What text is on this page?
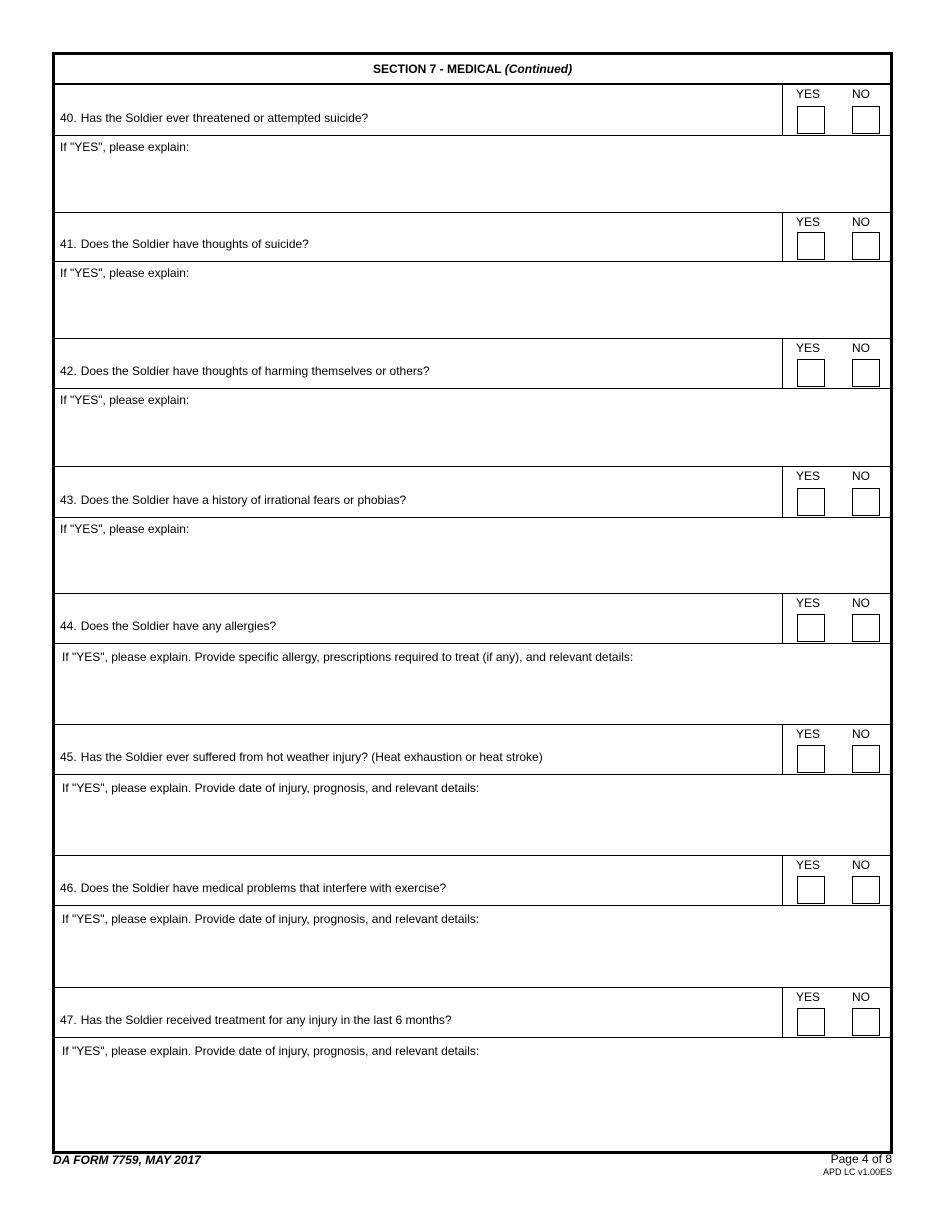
SECTION 7 - MEDICAL (Continued)
40. Has the Soldier ever threatened or attempted suicide?
YES	NO
If "YES", please explain:
41. Does the Soldier have thoughts of suicide?
YES	NO
If "YES", please explain:
42. Does the Soldier have thoughts of harming themselves or others?
YES	NO
If "YES", please explain:
43. Does the Soldier have a history of irrational fears or phobias?
YES	NO
If "YES", please explain:
44. Does the Soldier have any allergies?
YES	NO
If "YES", please explain. Provide specific allergy, prescriptions required to treat (if any), and relevant details:
45. Has the Soldier ever suffered from hot weather injury? (Heat exhaustion or heat stroke)
YES	NO
If "YES", please explain. Provide date of injury, prognosis, and relevant details:
46. Does the Soldier have medical problems that interfere with exercise?
YES	NO
If "YES", please explain. Provide date of injury, prognosis, and relevant details:
47. Has the Soldier received treatment for any injury in the last 6 months?
YES	NO
If "YES", please explain. Provide date of injury, prognosis, and relevant details:
DA FORM 7759, MAY 2017	Page 4 of 8
APD LC v1.00ES
